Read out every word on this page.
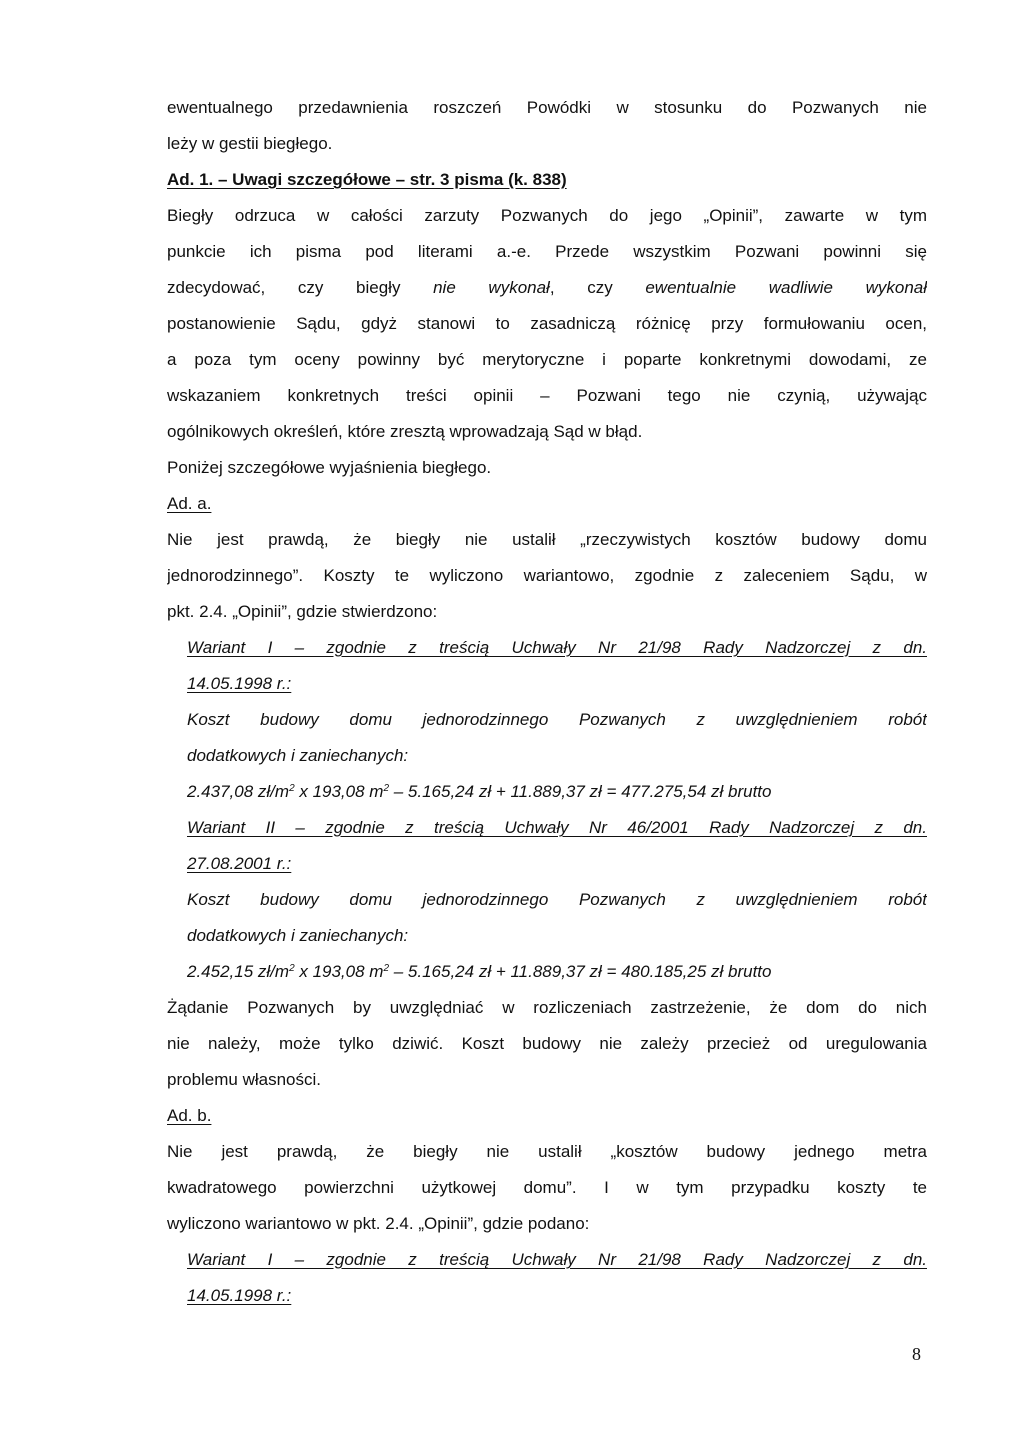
ewentualnego przedawnienia roszczeń Powódki w stosunku do Pozwanych nie
leży w gestii biegłego.
Ad. 1. – Uwagi szczegółowe – str. 3 pisma (k. 838)
Biegły odrzuca w całości zarzuty Pozwanych do jego „Opinii”, zawarte w tym
punkcie ich pisma pod literami a.-e. Przede wszystkim Pozwani powinni się
zdecydować, czy biegły nie wykonał, czy ewentualnie wadliwie wykonał
postanowienie Sądu, gdyż stanowi to zasadniczą różnicę przy formułowaniu ocen,
a poza tym oceny powinny być merytoryczne i poparte konkretnymi dowodami, ze
wskazaniem konkretnych treści opinii – Pozwani tego nie czynią, używając
ogólnikowych określeń, które zresztą wprowadzają Sąd w błąd.
Poniżej szczegółowe wyjaśnienia biegłego.
Ad. a.
Nie jest prawdą, że biegły nie ustalił „rzeczywistych kosztów budowy domu
jednorodzinnego”. Koszty te wyliczono wariantowo, zgodnie z zaleceniem Sądu, w
pkt. 2.4. „Opinii”, gdzie stwierdzono:
Wariant I – zgodnie z treścią Uchwały Nr 21/98 Rady Nadzorczej z dn.
14.05.1998 r.:
Koszt budowy domu jednorodzinnego Pozwanych z uwzględnieniem robót
dodatkowych i zaniechanych:
2.437,08 $zł/m^2$ x 193,08 $m^2 - 5.165,24$ zł + 11.889,37 zł = 477.275,54 zł brutto
Wariant II – zgodnie z treścią Uchwały Nr 46/2001 Rady Nadzorczej z dn.
27.08.2001 r.:
Koszt budowy domu jednorodzinnego Pozwanych z uwzględnieniem robót
dodatkowych i zaniechanych:
2.452,15 $zł/m^2$ x 193,08 $m^2 - 5.165,24$ zł + 11.889,37 zł = 480.185,25 zł brutto
Żądanie Pozwanych by uwzględniać w rozliczeniach zastrzeżenie, że dom do nich
nie należy, może tylko dziwić. Koszt budowy nie zależy przecież od uregulowania
problemu własności.
Ad. b.
Nie jest prawdą, że biegły nie ustalił „kosztów budowy jednego metra
kwadratowego powierzchni użytkowej domu”. I w tym przypadku koszty te
wyliczono wariantowo w pkt. 2.4. „Opinii”, gdzie podano:
Wariant I – zgodnie z treścią Uchwały Nr 21/98 Rady Nadzorczej z dn.
14.05.1998 r.:
8
